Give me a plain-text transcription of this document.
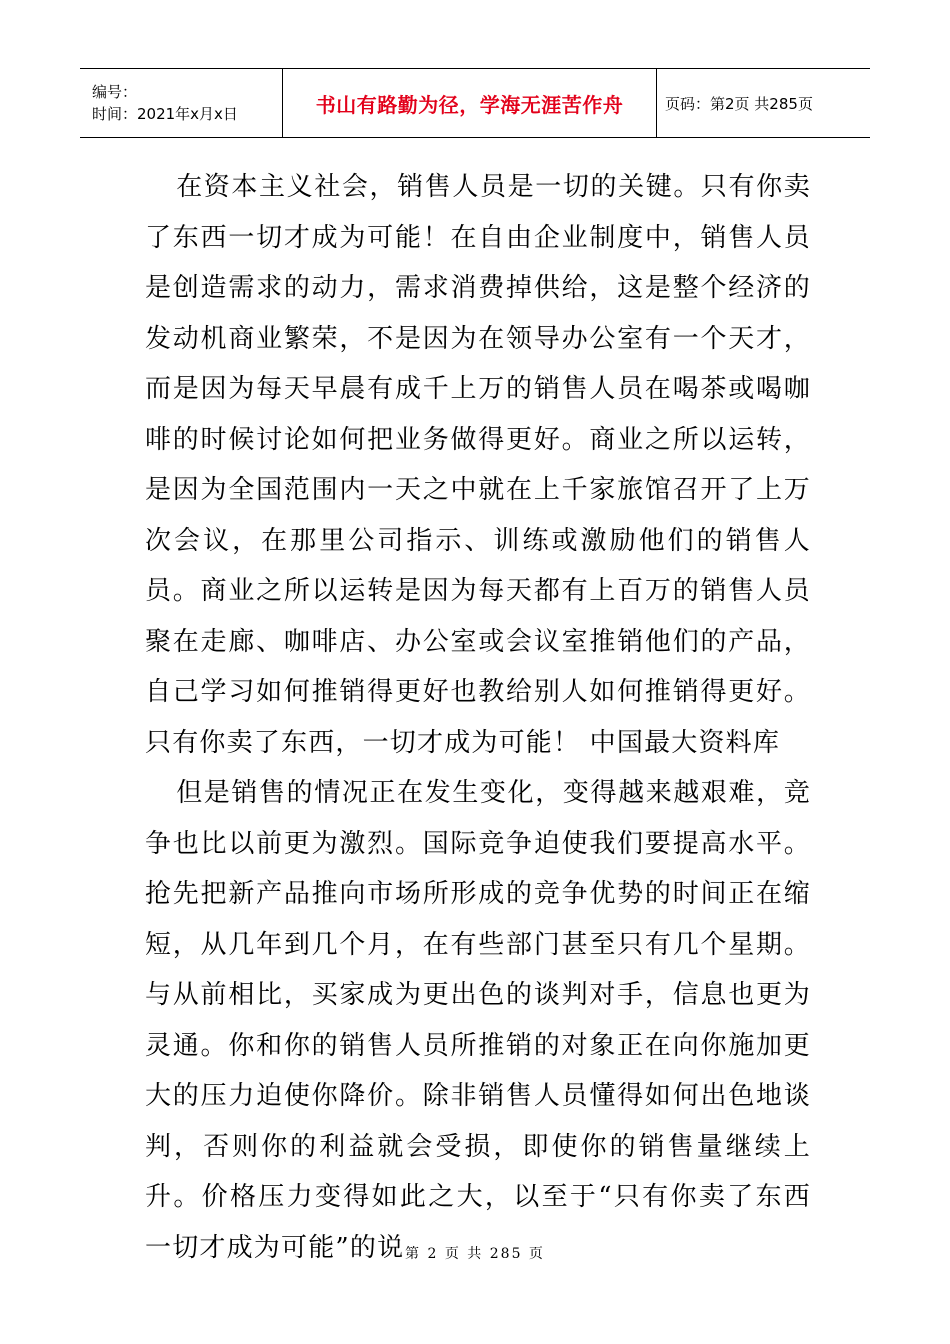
编号：
时间：2021年x月x日	书山有路勤为径，学海无涯苦作舟	页码：第2页 共285页

在资本主义社会，销售人员是一切的关键。只有你卖了东西一切才成为可能！在自由企业制度中，销售人员是创造需求的动力，需求消费掉供给，这是整个经济的发动机商业繁荣，不是因为在领导办公室有一个天才，而是因为每天早晨有成千上万的销售人员在喝茶或喝咖啡的时候讨论如何把业务做得更好。商业之所以运转，是因为全国范围内一天之中就在上千家旅馆召开了上万次会议，在那里公司指示、训练或激励他们的销售人员。商业之所以运转是因为每天都有上百万的销售人员聚在走廊、咖啡店、办公室或会议室推销他们的产品，自己学习如何推销得更好也教给别人如何推销得更好。只有你卖了东西，一切才成为可能！ 中国最大资料库

但是销售的情况正在发生变化，变得越来越艰难，竞争也比以前更为激烈。国际竞争迫使我们要提高水平。抢先把新产品推向市场所形成的竞争优势的时间正在缩短，从几年到几个月，在有些部门甚至只有几个星期。与从前相比，买家成为更出色的谈判对手，信息也更为灵通。你和你的销售人员所推销的对象正在向你施加更大的压力迫使你降价。除非销售人员懂得如何出色地谈判，否则你的利益就会受损，即使你的销售量继续上升。价格压力变得如此之大，以至于“只有你卖了东西一切才成为可能”的说 第 2 页 共 285 页
